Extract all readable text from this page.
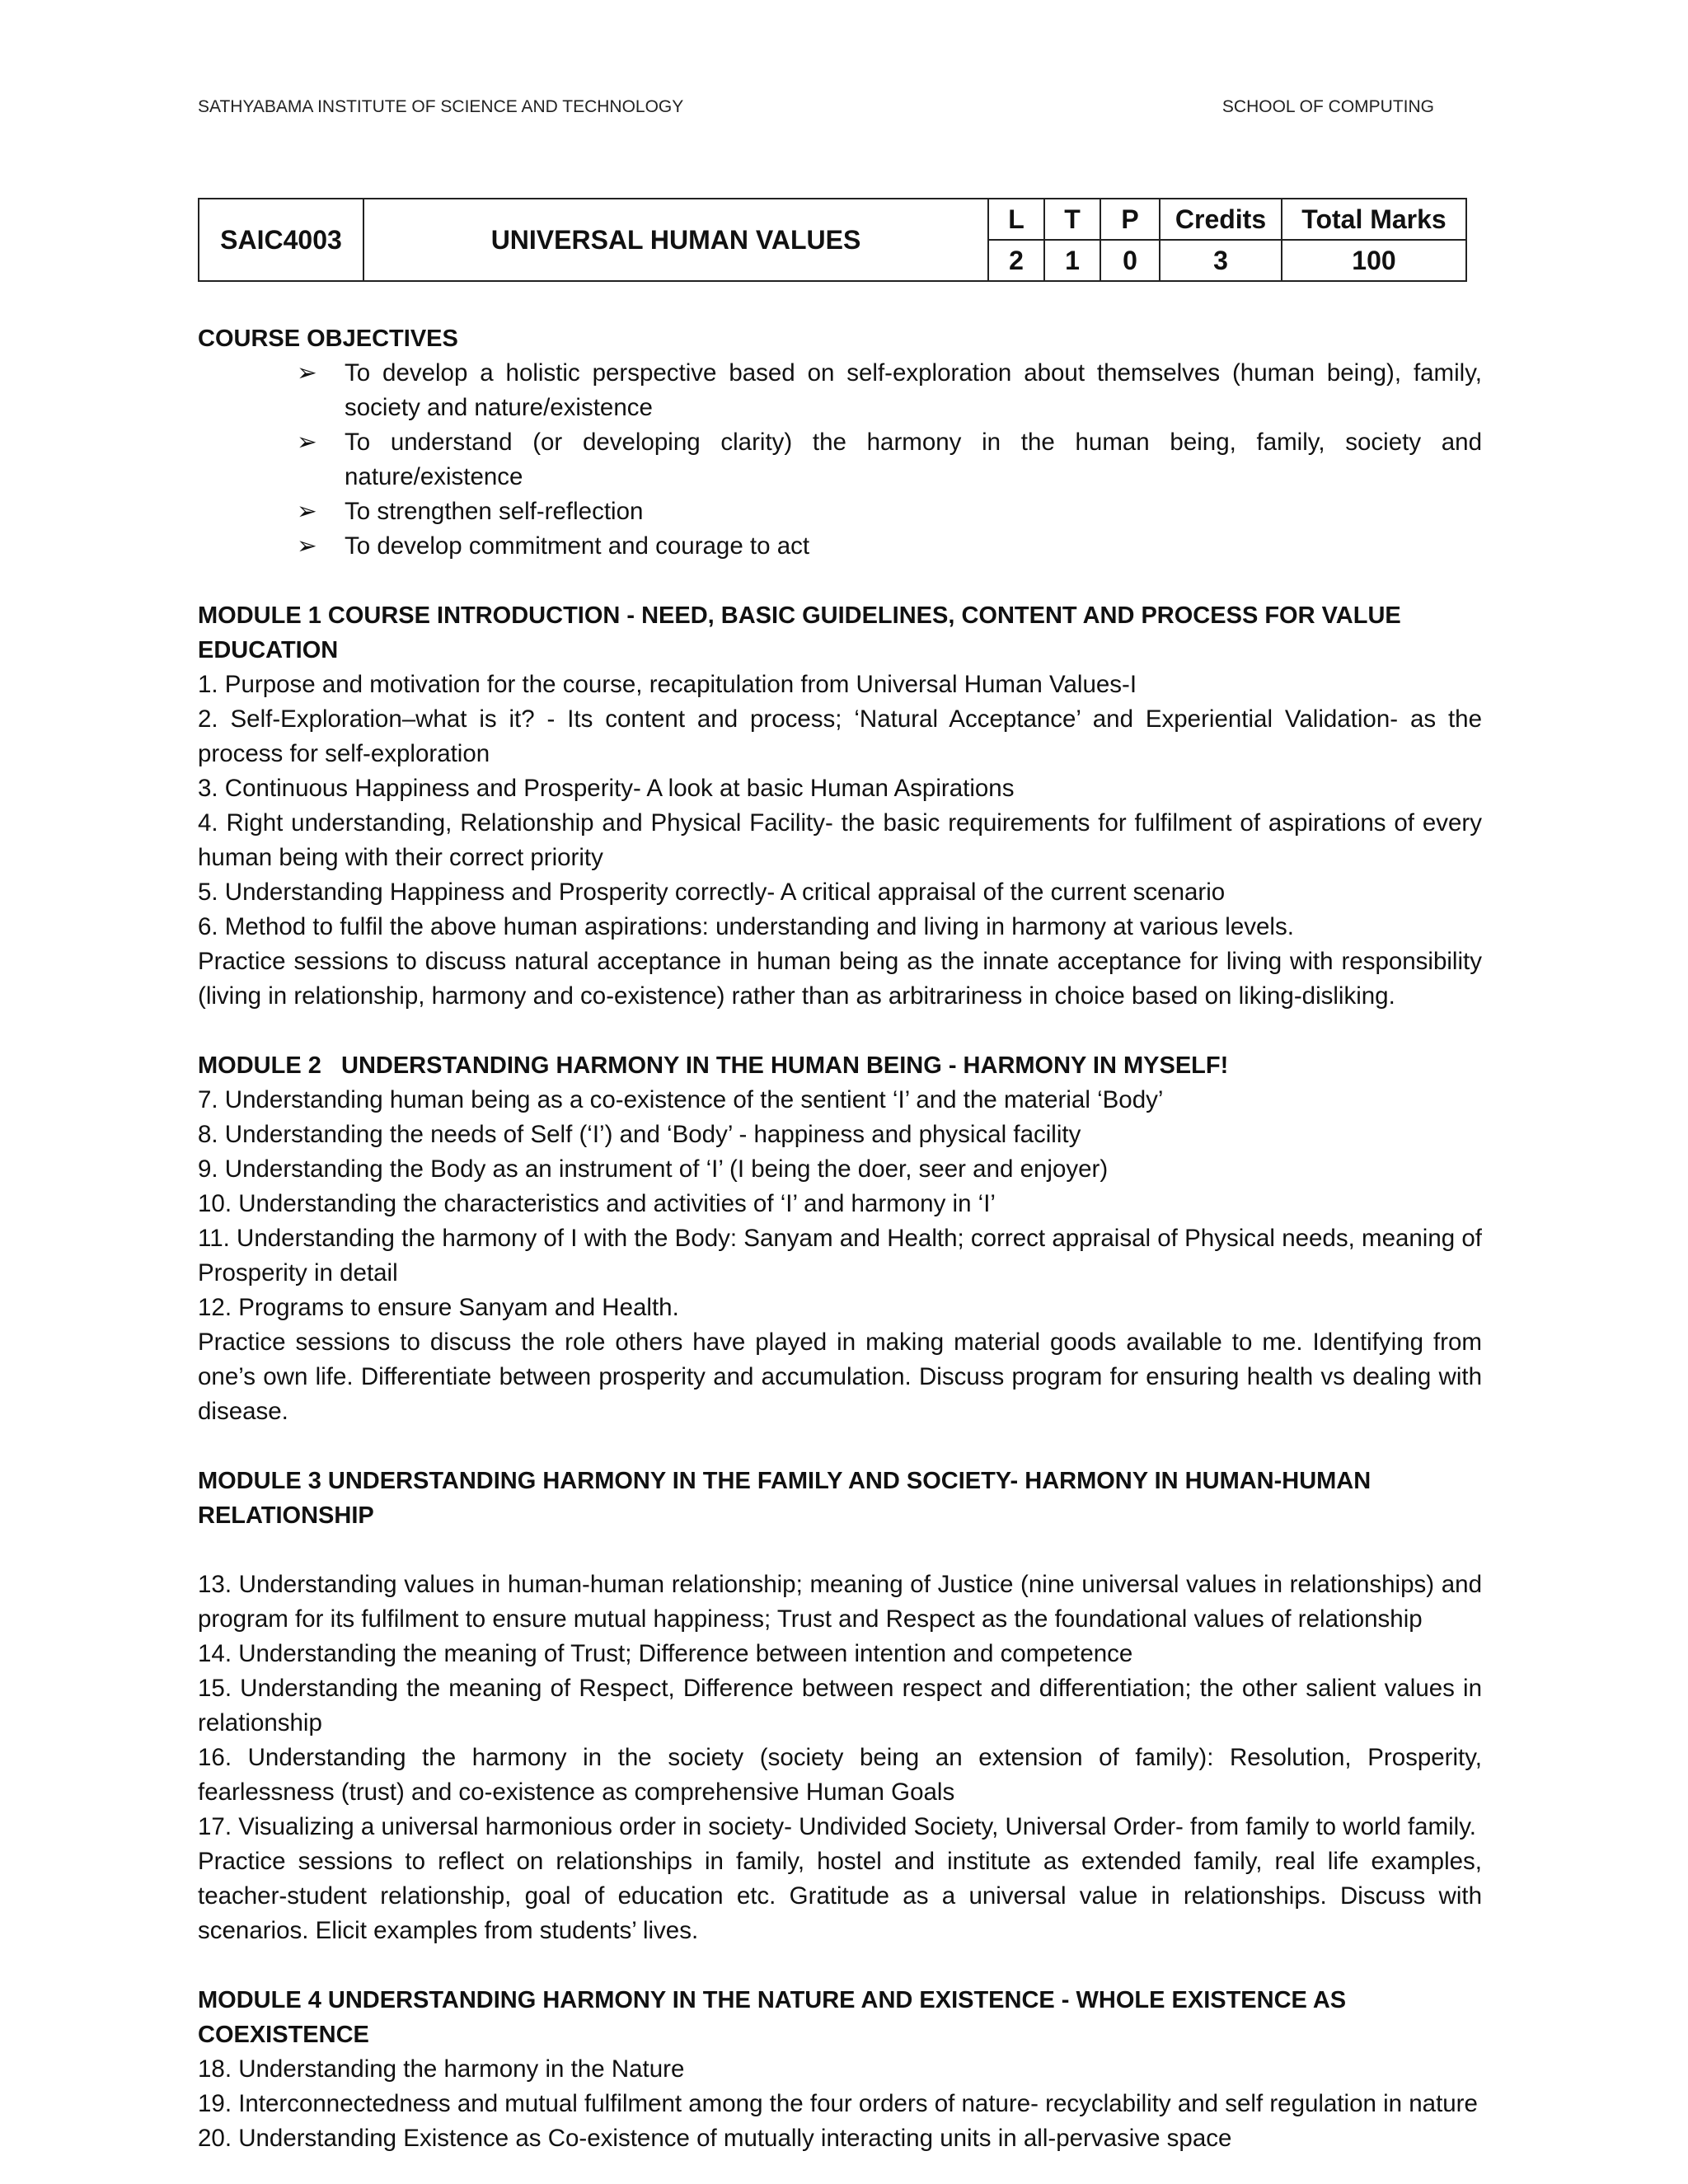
SATHYABAMA INSTITUTE OF SCIENCE AND TECHNOLOGY	SCHOOL OF COMPUTING
SAIC4003	UNIVERSAL HUMAN VALUES	L	T	P	Credits	Total Marks
		2	1	0	3	100
COURSE OBJECTIVES
➢ To develop a holistic perspective based on self-exploration about themselves (human being), family, society and nature/existence
➢ To understand (or developing clarity) the harmony in the human being, family, society and nature/existence
➢ To strengthen self-reflection
➢ To develop commitment and courage to act
MODULE 1 COURSE INTRODUCTION - NEED, BASIC GUIDELINES, CONTENT AND PROCESS FOR VALUE EDUCATION

1. Purpose and motivation for the course, recapitulation from Universal Human Values-I

2. Self-Exploration–what is it? - Its content and process; ‘Natural Acceptance’ and Experiential Validation- as the process for self-exploration

3. Continuous Happiness and Prosperity- A look at basic Human Aspirations

4. Right understanding, Relationship and Physical Facility- the basic requirements for fulfilment of aspirations of every human being with their correct priority

5. Understanding Happiness and Prosperity correctly- A critical appraisal of the current scenario

6. Method to fulfil the above human aspirations: understanding and living in harmony at various levels.

Practice sessions to discuss natural acceptance in human being as the innate acceptance for living with responsibility (living in relationship, harmony and co-existence) rather than as arbitrariness in choice based on liking-disliking.

MODULE 2   UNDERSTANDING HARMONY IN THE HUMAN BEING - HARMONY IN MYSELF!

7. Understanding human being as a co-existence of the sentient ‘I’ and the material ‘Body’

8. Understanding the needs of Self (‘I’) and ‘Body’ - happiness and physical facility

9. Understanding the Body as an instrument of ‘I’ (I being the doer, seer and enjoyer)

10. Understanding the characteristics and activities of ‘I’ and harmony in ‘I’

11. Understanding the harmony of I with the Body: Sanyam and Health; correct appraisal of Physical needs, meaning of Prosperity in detail

12. Programs to ensure Sanyam and Health.

Practice sessions to discuss the role others have played in making material goods available to me. Identifying from one’s own life. Differentiate between prosperity and accumulation. Discuss program for ensuring health vs dealing with disease.

MODULE 3 UNDERSTANDING HARMONY IN THE FAMILY AND SOCIETY- HARMONY IN HUMAN-HUMAN RELATIONSHIP

13. Understanding values in human-human relationship; meaning of Justice (nine universal values in relationships) and program for its fulfilment to ensure mutual happiness; Trust and Respect as the foundational values of relationship

14. Understanding the meaning of Trust; Difference between intention and competence

15. Understanding the meaning of Respect, Difference between respect and differentiation; the other salient values in relationship

16. Understanding the harmony in the society (society being an extension of family): Resolution, Prosperity, fearlessness (trust) and co-existence as comprehensive Human Goals

17. Visualizing a universal harmonious order in society- Undivided Society, Universal Order- from family to world family.

Practice sessions to reflect on relationships in family, hostel and institute as extended family, real life examples, teacher-student relationship, goal of education etc. Gratitude as a universal value in relationships. Discuss with scenarios. Elicit examples from students’ lives.

MODULE 4 UNDERSTANDING HARMONY IN THE NATURE AND EXISTENCE - WHOLE EXISTENCE AS COEXISTENCE

18. Understanding the harmony in the Nature

19. Interconnectedness and mutual fulfilment among the four orders of nature- recyclability and self regulation in nature

20. Understanding Existence as Co-existence of mutually interacting units in all-pervasive space
